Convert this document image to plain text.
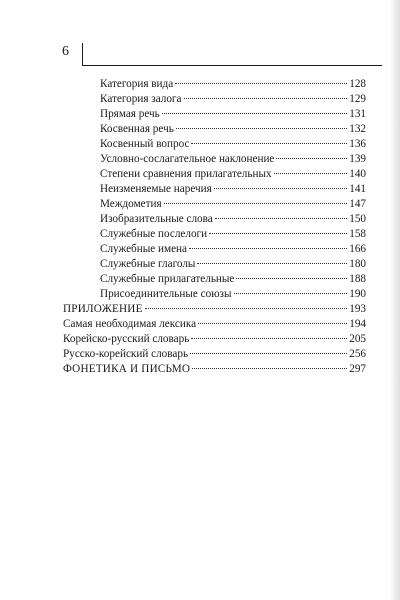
6
Категория вида	128
Категория залога	129
Прямая речь	131
Косвенная речь	132
Косвенный вопрос	136
Условно-сослагательное наклонение	139
Степени сравнения прилагательных	140
Неизменяемые наречия	141
Междометия	147
Изобразительные слова	150
Служебные послелоги	158
Служебные имена	166
Служебные глаголы	180
Служебные прилагательные	188
Присоединительные союзы	190
ПРИЛОЖЕНИЕ	193
Самая необходимая лексика	194
Корейско-русский словарь	205
Русско-корейский словарь	256
ФОНЕТИКА И ПИСЬМО	297
